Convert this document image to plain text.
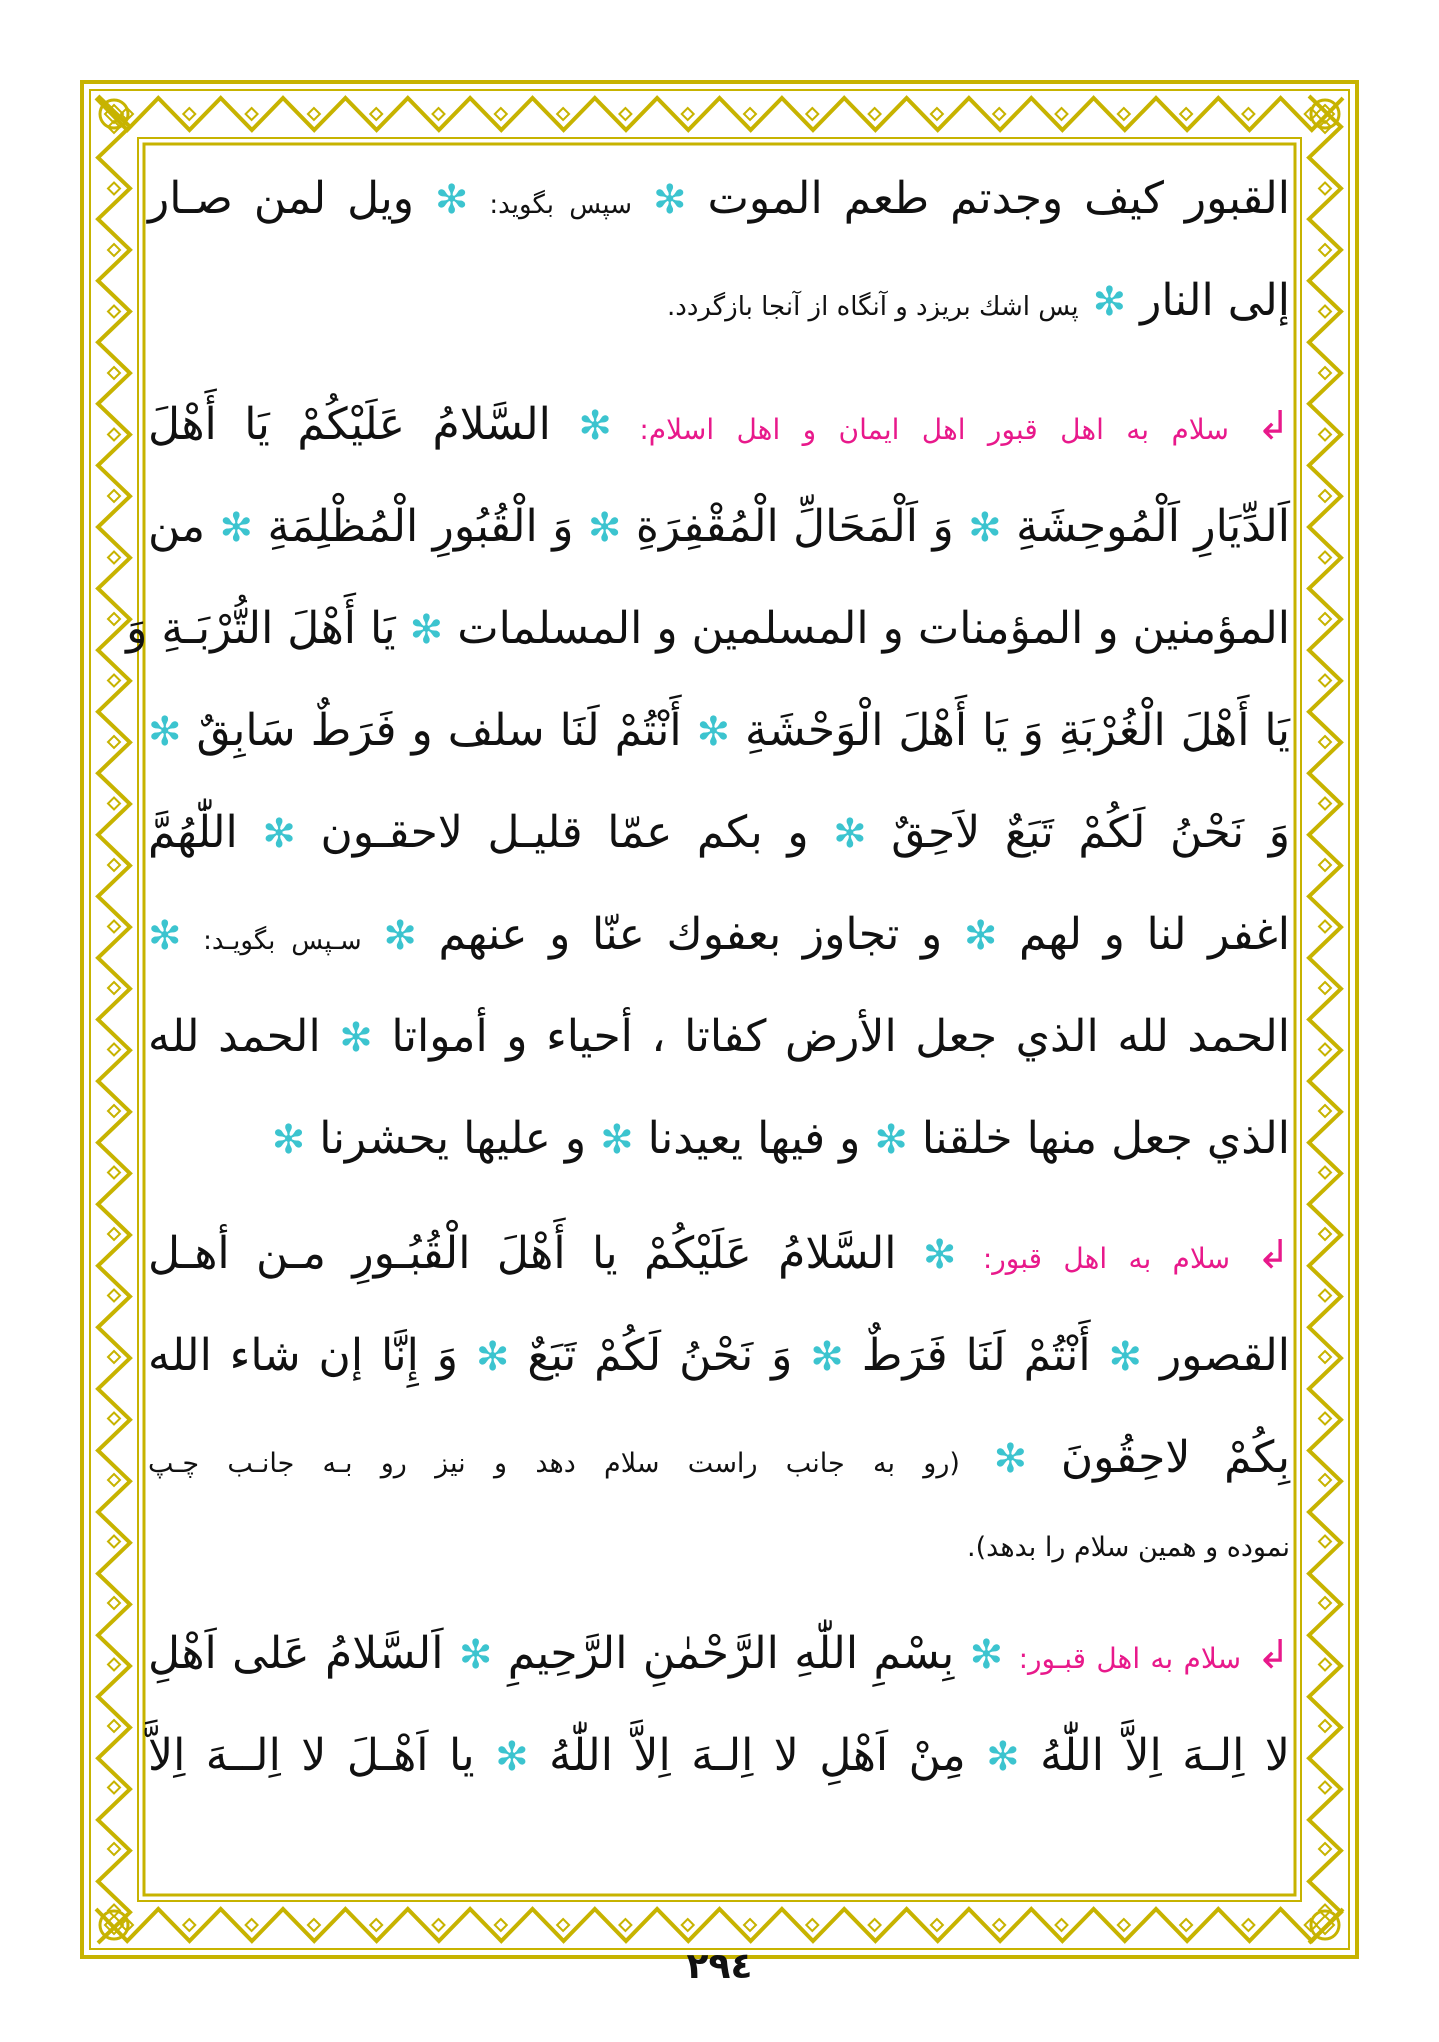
القبور كيف وجدتم طعم الموت ✻ سپس بگويد: ✻ ويل لمن صـار
إلى النار ✻ پس اشك بريزد و آنگاه از آنجا بازگردد.
↲ سلام به اهل قبور اهل ايمان و اهل اسلام: ✻ السَّلامُ عَلَيْكُمْ يَا أَهْلَ
اَلدِّيَارِ اَلْمُوحِشَةِ ✻ وَ اَلْمَحَالِّ الْمُقْفِرَةِ ✻ وَ الْقُبُورِ الْمُظْلِمَةِ ✻ من
المؤمنين و المؤمنات و المسلمين و المسلمات ✻ يَا أَهْلَ التُّرْبَـةِ وَ
يَا أَهْلَ الْغُرْبَةِ وَ يَا أَهْلَ الْوَحْشَةِ ✻ أَنْتُمْ لَنَا سلف و فَرَطٌ سَابِقٌ ✻
وَ نَحْنُ لَكُمْ تَبَعٌ لاَحِقٌ ✻ و بكم عمّا قليـل لاحقـون ✻ اللّٰهُمَّ
اغفر لنا و لهم ✻ و تجاوز بعفوك عنّا و عنهم ✻ سـپس بگويـد: ✻
الحمد لله الذي جعل الأرض كفاتا ، أحياء و أمواتا ✻ الحمد لله
الذي جعل منها خلقنا ✻ و فيها يعيدنا ✻ و عليها يحشرنا ✻
↲ سلام به اهل قبور: ✻ السَّلامُ عَلَيْكُمْ يا أَهْلَ الْقُبُـورِ مـن أهـل
القصور ✻ أَنْتُمْ لَنَا فَرَطٌ ✻ وَ نَحْنُ لَكُمْ تَبَعٌ ✻ وَ إِنَّا إن شاء الله
بِكُمْ لاحِقُونَ ✻ (رو به جانب راست سلام دهد و نيز رو بـه جانـب چـپ
نموده و همين سلام را بدهد).
↲ سلام به اهل قبـور: ✻ بِسْمِ اللّٰهِ الرَّحْمٰنِ الرَّحِيمِ ✻ اَلسَّلامُ عَلى اَهْلِ
لا اِلـهَ اِلاَّ اللّٰهُ ✻ مِنْ اَهْلِ لا اِلـهَ اِلاَّ اللّٰهُ ✻ يا اَهْـلَ لا اِلــهَ اِلاَّ
۲۹٤
